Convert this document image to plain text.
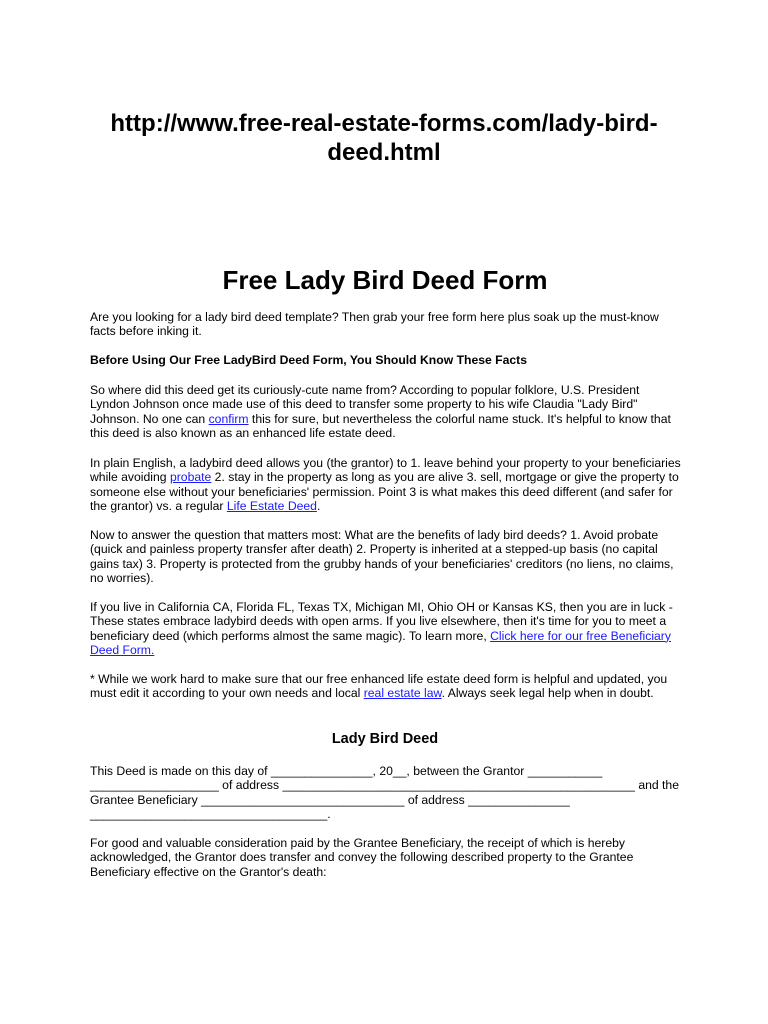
http://www.free-real-estate-forms.com/lady-bird-deed.html
Free Lady Bird Deed Form

Are you looking for a lady bird deed template? Then grab your free form here plus soak up the must-know facts before inking it.

Before Using Our Free LadyBird Deed Form, You Should Know These Facts

So where did this deed get its curiously-cute name from? According to popular folklore, U.S. President Lyndon Johnson once made use of this deed to transfer some property to his wife Claudia "Lady Bird" Johnson. No one can confirm this for sure, but nevertheless the colorful name stuck. It's helpful to know that this deed is also known as an enhanced life estate deed.

In plain English, a ladybird deed allows you (the grantor) to 1. leave behind your property to your beneficiaries while avoiding probate 2. stay in the property as long as you are alive 3. sell, mortgage or give the property to someone else without your beneficiaries' permission. Point 3 is what makes this deed different (and safer for the grantor) vs. a regular Life Estate Deed.

Now to answer the question that matters most: What are the benefits of lady bird deeds? 1. Avoid probate (quick and painless property transfer after death) 2. Property is inherited at a stepped-up basis (no capital gains tax) 3. Property is protected from the grubby hands of your beneficiaries' creditors (no liens, no claims, no worries).

If you live in California CA, Florida FL, Texas TX, Michigan MI, Ohio OH or Kansas KS, then you are in luck - These states embrace ladybird deeds with open arms. If you live elsewhere, then it's time for you to meet a beneficiary deed (which performs almost the same magic). To learn more, Click here for our free Beneficiary Deed Form.

* While we work hard to make sure that our free enhanced life estate deed form is helpful and updated, you must edit it according to your own needs and local real estate law. Always seek legal help when in doubt.

Lady Bird Deed

This Deed is made on this day of _______________, 20__, between the Grantor ___________ ___________________ of address ____________________________________________________ and the Grantee Beneficiary ______________________________ of address _______________ ___________________________________.

For good and valuable consideration paid by the Grantee Beneficiary, the receipt of which is hereby acknowledged, the Grantor does transfer and convey the following described property to the Grantee Beneficiary effective on the Grantor's death:
